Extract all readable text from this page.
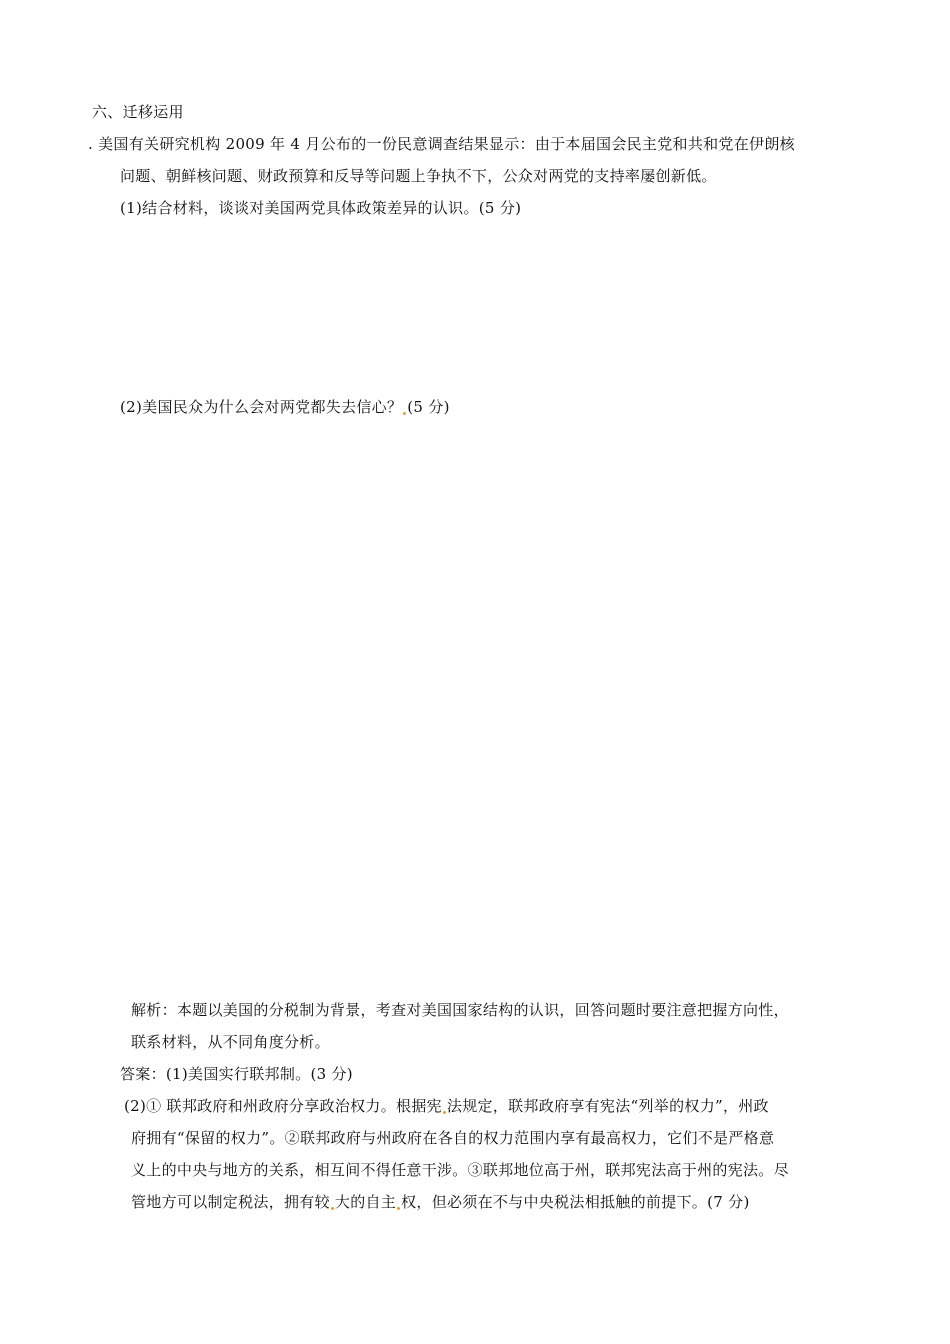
六、迁移运用
. 美国有关研究机构 2009 年 4 月公布的一份民意调查结果显示：由于本届国会民主党和共和党在伊朗核
问题、朝鲜核问题、财政预算和反导等问题上争执不下，公众对两党的支持率屡创新低。
(1)结合材料，谈谈对美国两党具体政策差异的认识。(5 分)
(2)美国民众为什么会对两党都失去信心？ (5 分)
解析：本题以美国的分税制为背景，考查对美国国家结构的认识，回答问题时要注意把握方向性，
联系材料，从不同角度分析。
答案：(1)美国实行联邦制。(3 分)
(2)① 联邦政府和州政府分享政治权力。根据宪 法规定，联邦政府享有宪法“列举的权力”，州政
府拥有“保留的权力”。②联邦政府与州政府在各自的权力范围内享有最高权力，它们不是严格意
义上的中央与地方的关系，相互间不得任意干涉。③联邦地位高于州，联邦宪法高于州的宪法。尽
管地方可以制定税法，拥有较 大的自主 权，但必须在不与中央税法相抵触的前提下。(7 分)
